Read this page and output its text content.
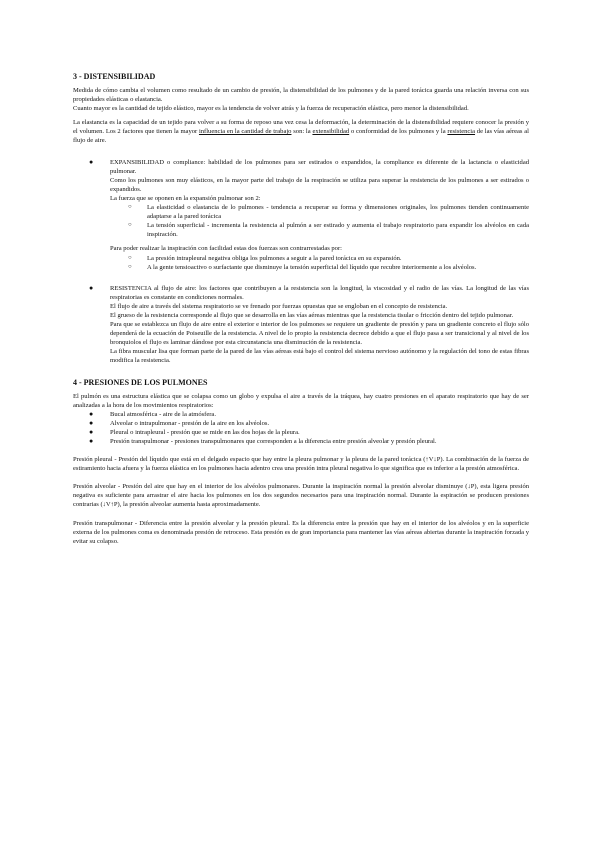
3 - DISTENSIBILIDAD

Medida de cómo cambia el volumen como resultado de un cambio de presión, la distensibilidad de los pulmones y de la pared torácica guarda una relación inversa con sus propiedades elásticas o elastancia.

Cuanto mayor es la cantidad de tejido elástico, mayor es la tendencia de volver atrás y la fuerza de recuperación elástica, pero menor la distensibilidad.

La elastancia es la capacidad de un tejido para volver a su forma de reposo una vez cesa la deformación, la determinación de la distensibilidad requiere conocer la presión y el volumen. Los 2 factores que tienen la mayor influencia en la cantidad de trabajo son: la extensibilidad o conformidad de los pulmones y la resistencia de las vías aéreas al flujo de aire.

●	EXPANSIBILIDAD o compliance: habilidad de los pulmones para ser estirados o expandidos, la compliance es diferente de la lactancia o elasticidad pulmonar.

Como los pulmones son muy elásticos, en la mayor parte del trabajo de la respiración se utiliza para superar la resistencia de los pulmones a ser estirados o expandidos.

La fuerza que se oponen en la expansión pulmonar son 2:

○ La elasticidad o elastancia de lo pulmones - tendencia a recuperar su forma y dimensiones originales, los pulmones tienden continuamente adaptarse a la pared torácica

○ La tensión superficial - incrementa la resistencia al pulmón a ser estirado y aumenta el trabajo respiratorio para expandir los alvéolos en cada inspiración.

Para poder realizar la inspiración con facilidad estas dos fuerzas son contrarrestadas por:

○ La presión intrapleural negativa obliga los pulmones a seguir a la pared torácica en su expansión.

○ A la gente tensioactivo o surfactante que disminuye la tensión superficial del líquido que recubre interiormente a los alvéolos.

●	RESISTENCIA al flujo de aire: los factores que contribuyen a la resistencia son la longitud, la viscosidad y el radio de las vías. La longitud de las vías respiratorias es constante en condiciones normales.

El flujo de aire a través del sistema respiratorio se ve frenado por fuerzas opuestas que se engloban en el concepto de resistencia.

El grueso de la resistencia corresponde al flujo que se desarrolla en las vías aéreas mientras que la resistencia tisular o fricción dentro del tejido pulmonar.

Para que se establezca un flujo de aire entre el exterior e interior de los pulmones se requiere un gradiente de presión y para un gradiente concreto el flujo sólo dependerá de la ecuación de Poiseuille de la resistencia. A nivel de lo propio la resistencia decrece debido a que el flujo pasa a ser transicional y al nivel de los bronquiolos el flujo es laminar dándose por esta circunstancia una disminución de la resistencia.

La fibra muscular lisa que forman parte de la pared de las vías aéreas está bajo el control del sistema nervioso autónomo y la regulación del tono de estas fibras modifica la resistencia.

4 - PRESIONES DE LOS PULMONES

El pulmón es una estructura elástica que se colapsa como un globo y expulsa el aire a través de la tráquea, hay cuatro presiones en el aparato respiratorio que hay de ser analizadas a la hora de los movimientos respiratorios:

●	Bucal atmosférica - aire de la atmósfera.

●	Alveolar o intrapulmonar - presión de la aire en los alvéolos.

●	Pleural o intrapleural - presión que se mide en las dos hojas de la pleura.

●	Presión transpulmonar - presiones transpulmonares que corresponden a la diferencia entre presión alveolar y presión pleural.

Presión pleural - Presión del líquido que está en el delgado espacio que hay entre la pleura pulmonar y la pleura de la pared torácica (↑V↓P). La combinación de la fuerza de estiramiento hacia afuera y la fuerza elástica en los pulmones hacia adentro crea una presión intra pleural negativa lo que significa que es inferior a la presión atmosférica.

Presión alveolar - Presión del aire que hay en el interior de los alvéolos pulmonares. Durante la inspiración normal la presión alveolar disminuye (↓P), esta ligera presión negativa es suficiente para arrastrar el aire hacia los pulmones en los dos segundos necesarios para una inspiración normal. Durante la espiración se producen presiones contrarias (↓V↑P), la presión alveolar aumenta hasta aproximadamente.

Presión transpulmonar - Diferencia entre la presión alveolar y la presión pleural. Es la diferencia entre la presión que hay en el interior de los alvéolos y en la superficie externa de los pulmones coma es denominada presión de retroceso. Esta presión es de gran importancia para mantener las vías aéreas abiertas durante la inspiración forzada y evitar su colapso.
